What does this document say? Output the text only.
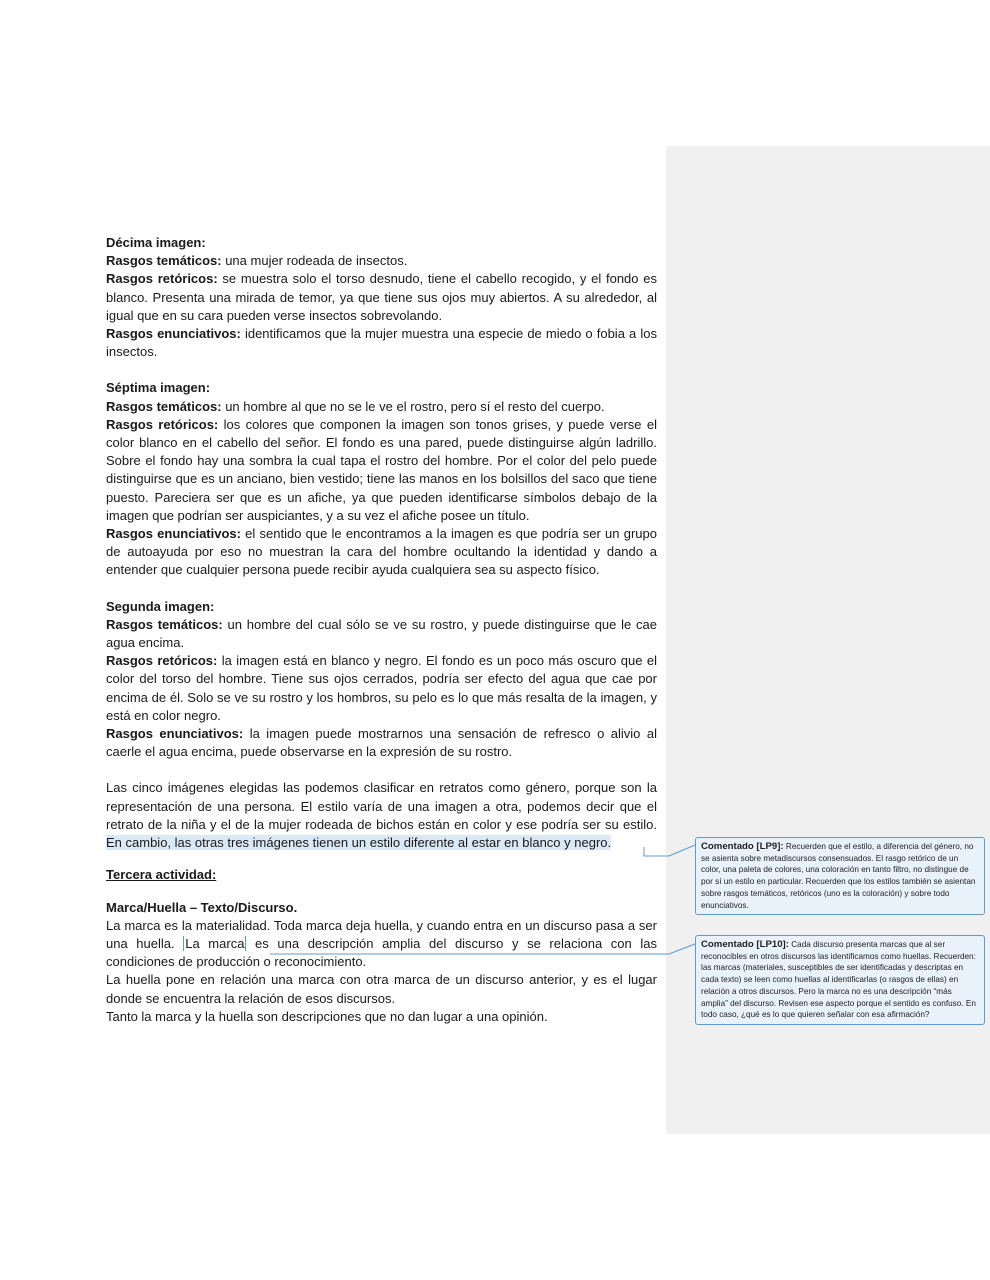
Décima imagen:
Rasgos temáticos: una mujer rodeada de insectos.
Rasgos retóricos: se muestra solo el torso desnudo, tiene el cabello recogido, y el fondo es blanco. Presenta una mirada de temor, ya que tiene sus ojos muy abiertos. A su alrededor, al igual que en su cara pueden verse insectos sobrevolando.
Rasgos enunciativos: identificamos que la mujer muestra una especie de miedo o fobia a los insectos.
Séptima imagen:
Rasgos temáticos: un hombre al que no se le ve el rostro, pero sí el resto del cuerpo.
Rasgos retóricos: los colores que componen la imagen son tonos grises, y puede verse el color blanco en el cabello del señor. El fondo es una pared, puede distinguirse algún ladrillo. Sobre el fondo hay una sombra la cual tapa el rostro del hombre. Por el color del pelo puede distinguirse que es un anciano, bien vestido; tiene las manos en los bolsillos del saco que tiene puesto. Pareciera ser que es un afiche, ya que pueden identificarse símbolos debajo de la imagen que podrían ser auspiciantes, y a su vez el afiche posee un título.
Rasgos enunciativos: el sentido que le encontramos a la imagen es que podría ser un grupo de autoayuda por eso no muestran la cara del hombre ocultando la identidad y dando a entender que cualquier persona puede recibir ayuda cualquiera sea su aspecto físico.
Segunda imagen:
Rasgos temáticos: un hombre del cual sólo se ve su rostro, y puede distinguirse que le cae agua encima.
Rasgos retóricos: la imagen está en blanco y negro. El fondo es un poco más oscuro que el color del torso del hombre. Tiene sus ojos cerrados, podría ser efecto del agua que cae por encima de él. Solo se ve su rostro y los hombros, su pelo es lo que más resalta de la imagen, y está en color negro.
Rasgos enunciativos: la imagen puede mostrarnos una sensación de refresco o alivio al caerle el agua encima, puede observarse en la expresión de su rostro.
Las cinco imágenes elegidas las podemos clasificar en retratos como género, porque son la representación de una persona. El estilo varía de una imagen a otra, podemos decir que el retrato de la niña y el de la mujer rodeada de bichos están en color y ese podría ser su estilo. En cambio, las otras tres imágenes tienen un estilo diferente al estar en blanco y negro.
Tercera actividad:
Marca/Huella – Texto/Discurso.
La marca es la materialidad. Toda marca deja huella, y cuando entra en un discurso pasa a ser una huella. La marca es una descripción amplia del discurso y se relaciona con las condiciones de producción o reconocimiento.
La huella pone en relación una marca con otra marca de un discurso anterior, y es el lugar donde se encuentra la relación de esos discursos.
Tanto la marca y la huella son descripciones que no dan lugar a una opinión.
Comentado [LP9]: Recuerden que el estilo, a diferencia del género, no se asienta sobre metadiscursos consensuados. El rasgo retórico de un color, una paleta de colores, una coloración en tanto filtro, no distingue de por sí un estilo en particular. Recuerden que los estilos también se asientan sobre rasgos temáticos, retóricos (uno es la coloración) y sobre todo enunciativos.
Comentado [LP10]: Cada discurso presenta marcas que al ser reconocibles en otros discursos las identificamos como huellas. Recuerden: las marcas (materiales, susceptibles de ser identificadas y descriptas en cada texto) se leen como huellas al identificarlas (o rasgos de ellas) en relación a otros discursos. Pero la marca no es una descripción “más amplia” del discurso. Revisen ese aspecto porque el sentido es confuso. En todo caso, ¿qué es lo que quieren señalar con esa afirmación?
